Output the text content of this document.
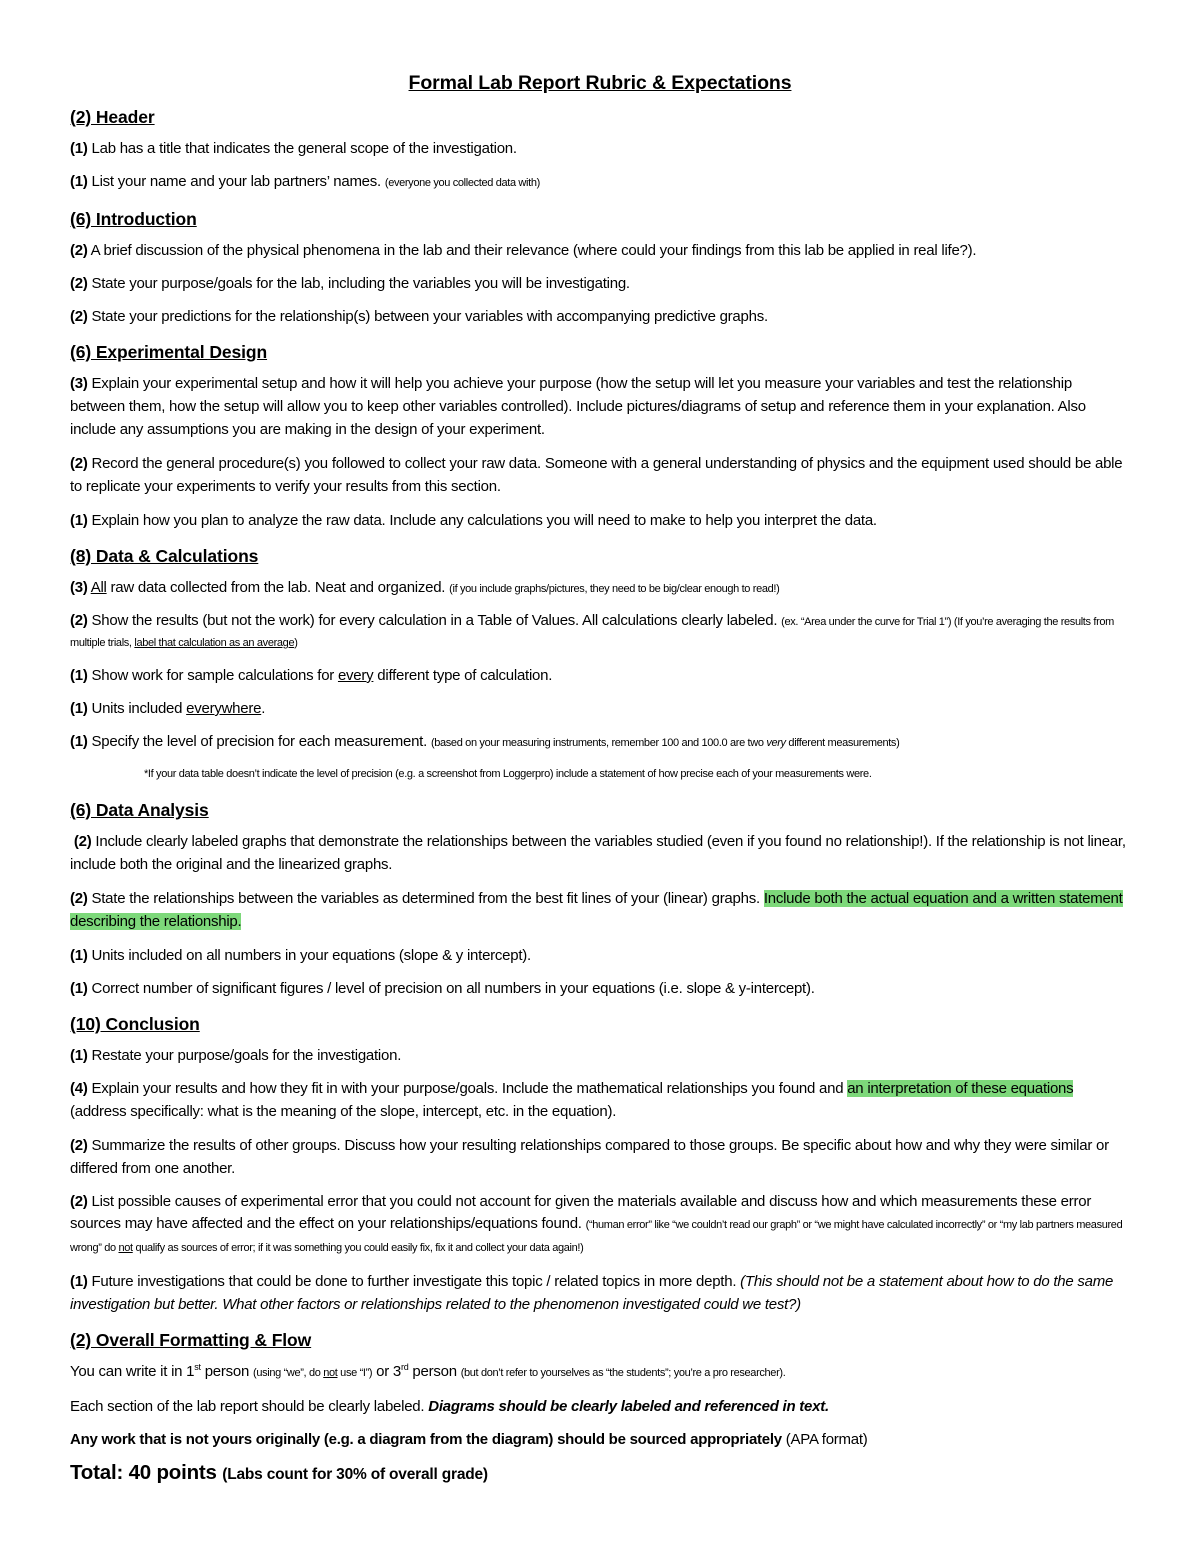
Formal Lab Report Rubric & Expectations
(2) Header

(1) Lab has a title that indicates the general scope of the investigation.

(1) List your name and your lab partners’ names. (everyone you collected data with)

(6) Introduction

(2) A brief discussion of the physical phenomena in the lab and their relevance (where could your findings from this lab be applied in real life?).

(2) State your purpose/goals for the lab, including the variables you will be investigating.

(2) State your predictions for the relationship(s) between your variables with accompanying predictive graphs.

(6) Experimental Design

(3) Explain your experimental setup and how it will help you achieve your purpose (how the setup will let you measure your variables and test the relationship between them, how the setup will allow you to keep other variables controlled). Include pictures/diagrams of setup and reference them in your explanation. Also include any assumptions you are making in the design of your experiment.

(2) Record the general procedure(s) you followed to collect your raw data. Someone with a general understanding of physics and the equipment used should be able to replicate your experiments to verify your results from this section.

(1) Explain how you plan to analyze the raw data. Include any calculations you will need to make to help you interpret the data.

(8) Data & Calculations

(3) All raw data collected from the lab. Neat and organized. (if you include graphs/pictures, they need to be big/clear enough to read!)

(2) Show the results (but not the work) for every calculation in a Table of Values. All calculations clearly labeled. (ex. “Area under the curve for Trial 1”) (If you’re averaging the results from multiple trials, label that calculation as an average)

(1) Show work for sample calculations for every different type of calculation.

(1) Units included everywhere.

(1) Specify the level of precision for each measurement. (based on your measuring instruments, remember 100 and 100.0 are two very different measurements)

*If your data table doesn’t indicate the level of precision (e.g. a screenshot from Loggerpro) include a statement of how precise each of your measurements were.

(6) Data Analysis

(2) Include clearly labeled graphs that demonstrate the relationships between the variables studied (even if you found no relationship!). If the relationship is not linear, include both the original and the linearized graphs.

(2) State the relationships between the variables as determined from the best fit lines of your (linear) graphs. Include both the actual equation and a written statement describing the relationship.

(1) Units included on all numbers in your equations (slope & y intercept).

(1) Correct number of significant figures / level of precision on all numbers in your equations (i.e. slope & y-intercept).

(10) Conclusion

(1) Restate your purpose/goals for the investigation.

(4) Explain your results and how they fit in with your purpose/goals. Include the mathematical relationships you found and an interpretation of these equations (address specifically: what is the meaning of the slope, intercept, etc. in the equation).

(2) Summarize the results of other groups. Discuss how your resulting relationships compared to those groups. Be specific about how and why they were similar or differed from one another.

(2) List possible causes of experimental error that you could not account for given the materials available and discuss how and which measurements these error sources may have affected and the effect on your relationships/equations found. (“human error” like “we couldn’t read our graph” or “we might have calculated incorrectly” or “my lab partners measured wrong” do not qualify as sources of error; if it was something you could easily fix, fix it and collect your data again!)

(1) Future investigations that could be done to further investigate this topic / related topics in more depth. (This should not be a statement about how to do the same investigation but better. What other factors or relationships related to the phenomenon investigated could we test?)

(2) Overall Formatting & Flow

You can write it in 1st person (using “we”, do not use “I”) or 3rd person (but don’t refer to yourselves as “the students”; you’re a pro researcher).

Each section of the lab report should be clearly labeled. Diagrams should be clearly labeled and referenced in text.

Any work that is not yours originally (e.g. a diagram from the diagram) should be sourced appropriately (APA format)

Total: 40 points (Labs count for 30% of overall grade)
